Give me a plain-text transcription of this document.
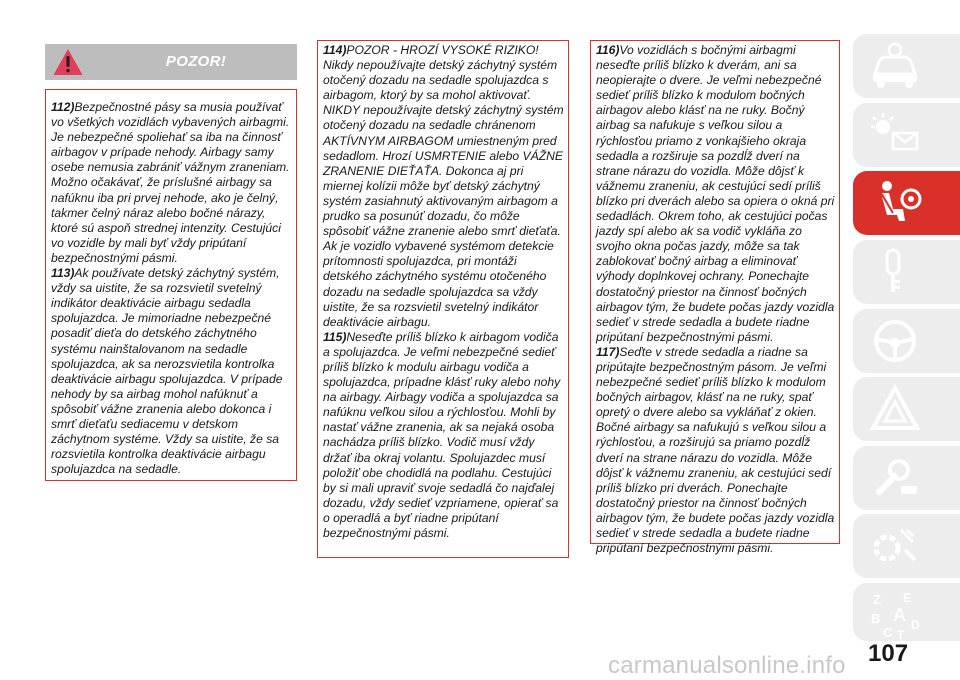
POZOR!
112)Bezpečnostné pásy sa musia používať vo všetkých vozidlách vybavených airbagmi. Je nebezpečné spoliehať sa iba na činnosť airbagov v prípade nehody. Airbagy samy osebe nemusia zabrániť vážnym zraneniam. Možno očakávať, že príslušné airbagy sa nafúknu iba pri prvej nehode, ako je čelný, takmer čelný náraz alebo bočné nárazy, ktoré sú aspoň strednej intenzity. Cestujúci vo vozidle by mali byť vždy pripútaní bezpečnostnými pásmi.
113)Ak používate detský záchytný systém, vždy sa uistite, že sa rozsvietil svetelný indikátor deaktivácie airbagu sedadla spolujazdca. Je mimoriadne nebezpečné posadiť dieťa do detského záchytného systému nainštalovanom na sedadle spolujazdca, ak sa nerozsvietila kontrolka deaktivácie airbagu spolujazdca. V prípade nehody by sa airbag mohol nafúknuť a spôsobiť vážne zranenia alebo dokonca i smrť dieťaťu sediacemu v detskom záchytnom systéme. Vždy sa uistite, že sa rozsvietila kontrolka deaktivácie airbagu spolujazdca na sedadle.
114)POZOR - HROZÍ VYSOKÉ RIZIKO! Nikdy nepoužívajte detský záchytný systém otočený dozadu na sedadle spolujazdca s airbagom, ktorý by sa mohol aktivovať. NIKDY nepoužívajte detský záchytný systém otočený dozadu na sedadle chránenom AKTÍVNYM AIRBAGOM umiestneným pred sedadlom. Hrozí USMRTENIE alebo VÁŽNE ZRANENIE DIEŤAŤA. Dokonca aj pri miernej kolízii môže byť detský záchytný systém zasiahnutý aktivovaným airbagom a prudko sa posunúť dozadu, čo môže spôsobiť vážne zranenie alebo smrť dieťaťa. Ak je vozidlo vybavené systémom detekcie prítomnosti spolujazdca, pri montáži detského záchytného systému otočeného dozadu na sedadle spolujazdca sa vždy uistite, že sa rozsvietil svetelný indikátor deaktivácie airbagu.
115)Neseďte príliš blízko k airbagom vodiča a spolujazdca. Je veľmi nebezpečné sedieť príliš blízko k modulu airbagu vodiča a spolujazdca, prípadne klásť ruky alebo nohy na airbagy. Airbagy vodiča a spolujazdca sa nafúknu veľkou silou a rýchlosťou. Mohli by nastať vážne zranenia, ak sa nejaká osoba nachádza príliš blízko. Vodič musí vždy držať iba okraj volantu. Spolujazdec musí položiť obe chodidlá na podlahu. Cestujúci by si mali upraviť svoje sedadlá čo najďalej dozadu, vždy sedieť vzpriamene, opierať sa o operadlá a byť riadne pripútaní bezpečnostnými pásmi.
116)Vo vozidlách s bočnými airbagmi neseďte príliš blízko k dverám, ani sa neopierajte o dvere. Je veľmi nebezpečné sedieť príliš blízko k modulom bočných airbagov alebo klásť na ne ruky. Bočný airbag sa nafukuje s veľkou silou a rýchlosťou priamo z vonkajšieho okraja sedadla a rozširuje sa pozdĺž dverí na strane nárazu do vozidla. Môže dôjsť k vážnemu zraneniu, ak cestujúci sedí príliš blízko pri dverách alebo sa opiera o okná pri sedadlách. Okrem toho, ak cestujúci počas jazdy spí alebo ak sa vodič vykláňa zo svojho okna počas jazdy, môže sa tak zablokovať bočný airbag a eliminovať výhody doplnkovej ochrany. Ponechajte dostatočný priestor na činnosť bočných airbagov tým, že budete počas jazdy vozidla sedieť v strede sedadla a budete riadne pripútaní bezpečnostnými pásmi.
117)Seďte v strede sedadla a riadne sa pripútajte bezpečnostným pásom. Je veľmi nebezpečné sedieť príliš blízko k modulom bočných airbagov, klásť na ne ruky, spať opretý o dvere alebo sa vykláňať z okien. Bočné airbagy sa nafukujú s veľkou silou a rýchlosťou, a rozširujú sa priamo pozdĺž dverí na strane nárazu do vozidla. Môže dôjsť k vážnemu zraneniu, ak cestujúci sedí príliš blízko pri dverách. Ponechajte dostatočný priestor na činnosť bočných airbagov tým, že budete počas jazdy vozidla sedieť v strede sedadla a budete riadne pripútaní bezpečnostnými pásmi.
Z E
B A
C T
D
107
carmanualsonline.info
